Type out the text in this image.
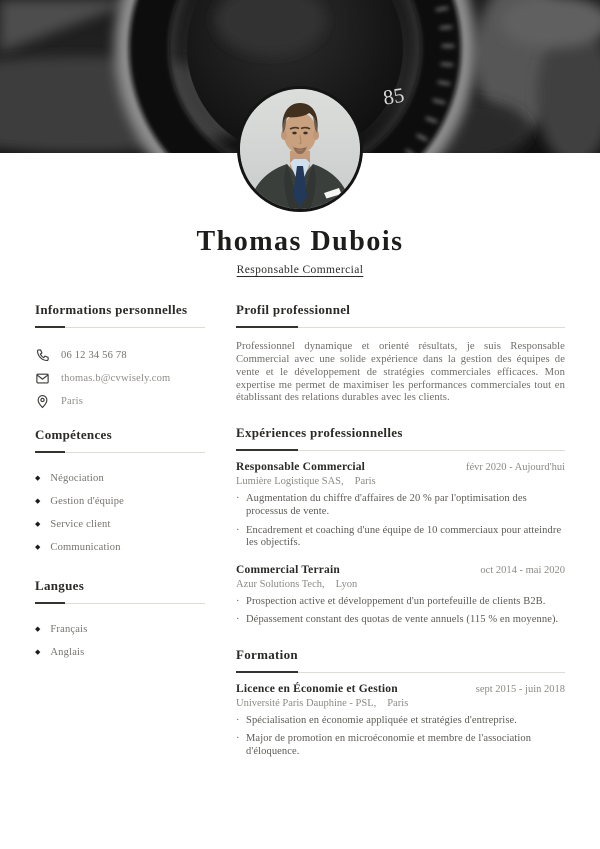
85
Thomas Dubois
Responsable Commercial
Informations personnelles
06 12 34 56 78
thomas.b@cvwisely.com
Paris
Compétences
◆ Négociation
◆ Gestion d'équipe
◆ Service client
◆ Communication
Langues
◆ Français
◆ Anglais
Profil professionnel

Professionnel dynamique et orienté résultats, je suis Responsable Commercial avec une solide expérience dans la gestion des équipes de vente et le développement de stratégies commerciales efficaces. Mon expertise me permet de maximiser les performances commerciales tout en établissant des relations durables avec les clients.

Expériences professionnelles
Responsable Commercial	févr 2020 - Aujourd'hui
Lumière Logistique SAS, Paris
· Augmentation du chiffre d'affaires de 20 % par l'optimisation des processus de vente.
· Encadrement et coaching d'une équipe de 10 commerciaux pour atteindre les objectifs.
Commercial Terrain	oct 2014 - mai 2020
Azur Solutions Tech, Lyon
· Prospection active et développement d'un portefeuille de clients B2B.
· Dépassement constant des quotas de vente annuels (115 % en moyenne).
Formation
Licence en Économie et Gestion	sept 2015 - juin 2018
Université Paris Dauphine - PSL, Paris
· Spécialisation en économie appliquée et stratégies d'entreprise.
· Major de promotion en microéconomie et membre de l'association d'éloquence.
